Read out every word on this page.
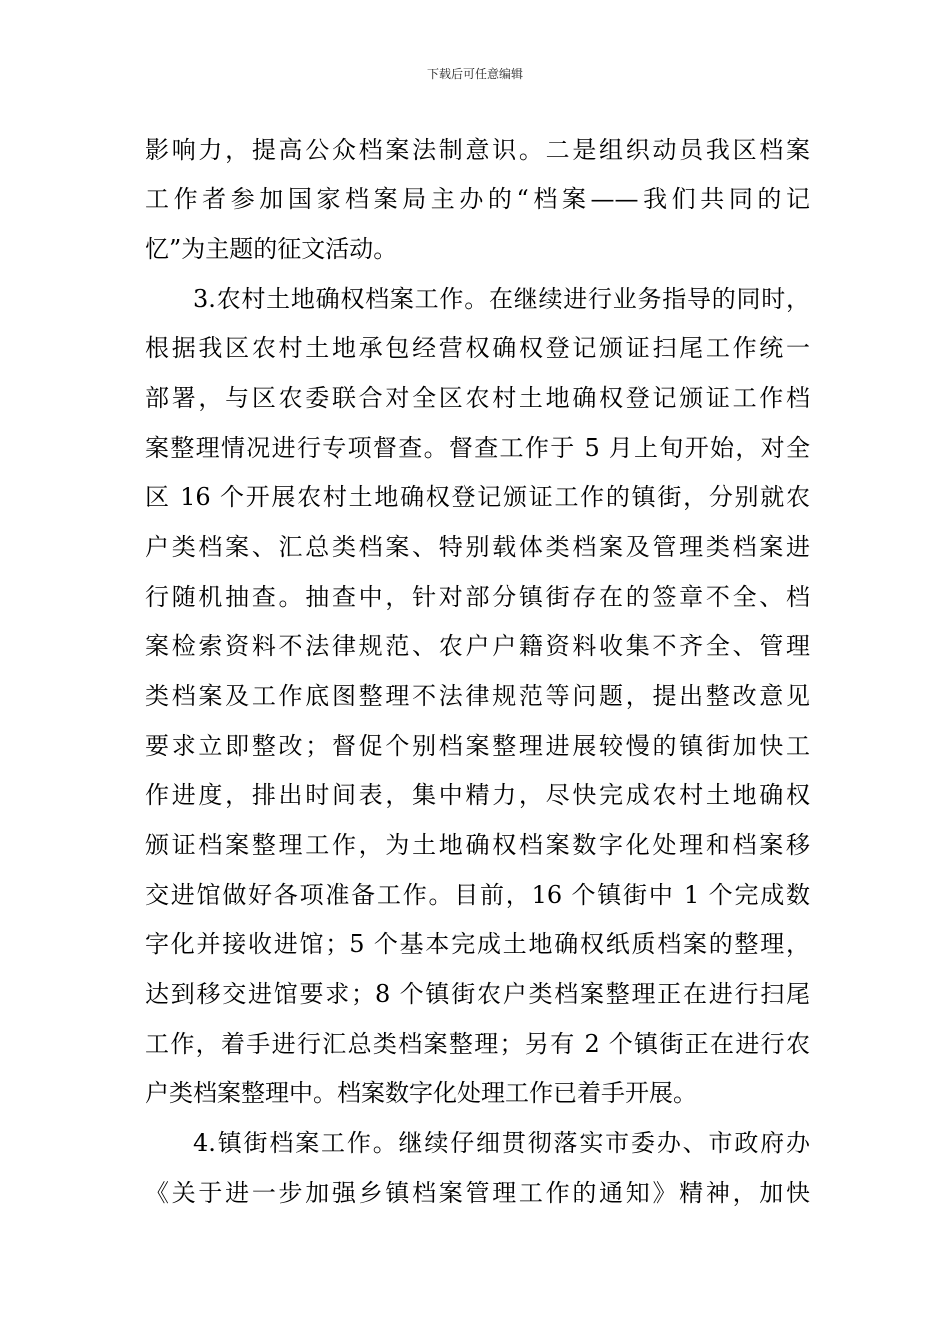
下载后可任意编辑
影响力，提高公众档案法制意识。二是组织动员我区档案
工作者参加国家档案局主办的“档案——我们共同的记
忆”为主题的征文活动。
3.农村土地确权档案工作。在继续进行业务指导的同时，
根据我区农村土地承包经营权确权登记颁证扫尾工作统一
部署，与区农委联合对全区农村土地确权登记颁证工作档
案整理情况进行专项督查。督查工作于 5 月上旬开始，对全
区 16 个开展农村土地确权登记颁证工作的镇街，分别就农
户类档案、汇总类档案、特别载体类档案及管理类档案进
行随机抽查。抽查中，针对部分镇街存在的签章不全、档
案检索资料不法律规范、农户户籍资料收集不齐全、管理
类档案及工作底图整理不法律规范等问题，提出整改意见
要求立即整改；督促个别档案整理进展较慢的镇街加快工
作进度，排出时间表，集中精力，尽快完成农村土地确权
颁证档案整理工作，为土地确权档案数字化处理和档案移
交进馆做好各项准备工作。目前，16 个镇街中 1 个完成数
字化并接收进馆；5 个基本完成土地确权纸质档案的整理，
达到移交进馆要求；8 个镇街农户类档案整理正在进行扫尾
工作，着手进行汇总类档案整理；另有 2 个镇街正在进行农
户类档案整理中。档案数字化处理工作已着手开展。
4.镇街档案工作。继续仔细贯彻落实市委办、市政府办
《关于进一步加强乡镇档案管理工作的通知》精神，加快
